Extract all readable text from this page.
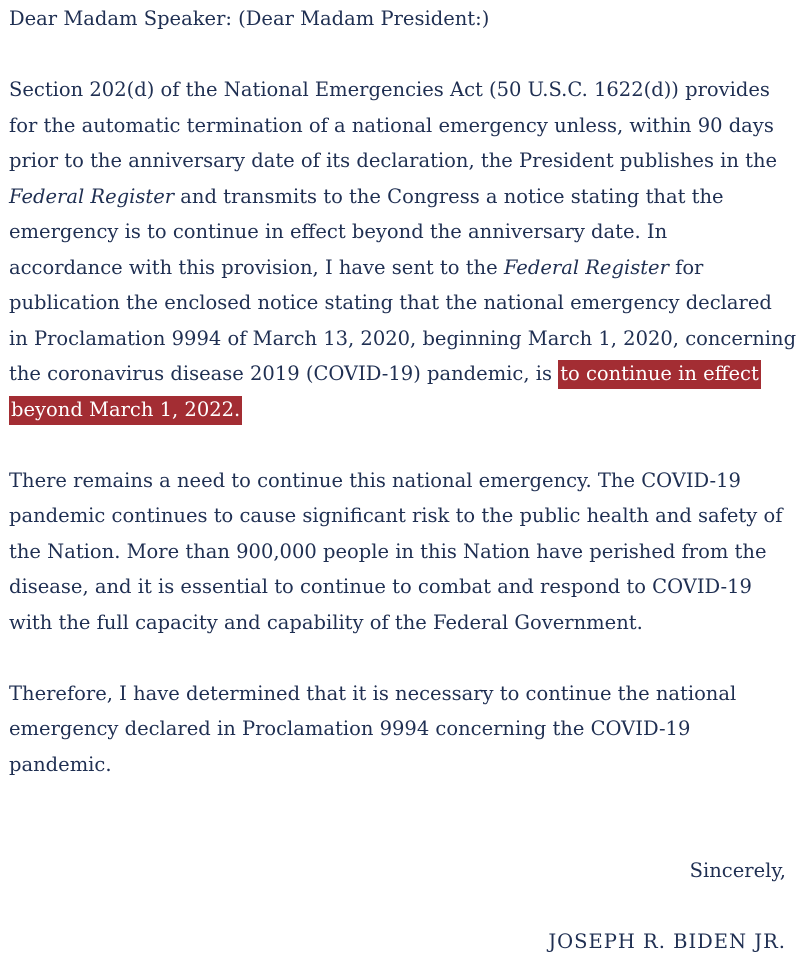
Dear Madam Speaker: (Dear Madam President:)

Section 202(d) of the National Emergencies Act (50 U.S.C. 1622(d)) provides

for the automatic termination of a national emergency unless, within 90 days

prior to the anniversary date of its declaration, the President publishes in the

Federal Register and transmits to the Congress a notice stating that the

emergency is to continue in effect beyond the anniversary date. In

accordance with this provision, I have sent to the Federal Register for

publication the enclosed notice stating that the national emergency declared

in Proclamation 9994 of March 13, 2020, beginning March 1, 2020, concerning

the coronavirus disease 2019 (COVID-19) pandemic, is to continue in effect

beyond March 1, 2022.

There remains a need to continue this national emergency. The COVID-19

pandemic continues to cause significant risk to the public health and safety of

the Nation. More than 900,000 people in this Nation have perished from the

disease, and it is essential to continue to combat and respond to COVID-19

with the full capacity and capability of the Federal Government.

Therefore, I have determined that it is necessary to continue the national

emergency declared in Proclamation 9994 concerning the COVID-19

pandemic.

Sincerely,

JOSEPH R. BIDEN JR.
